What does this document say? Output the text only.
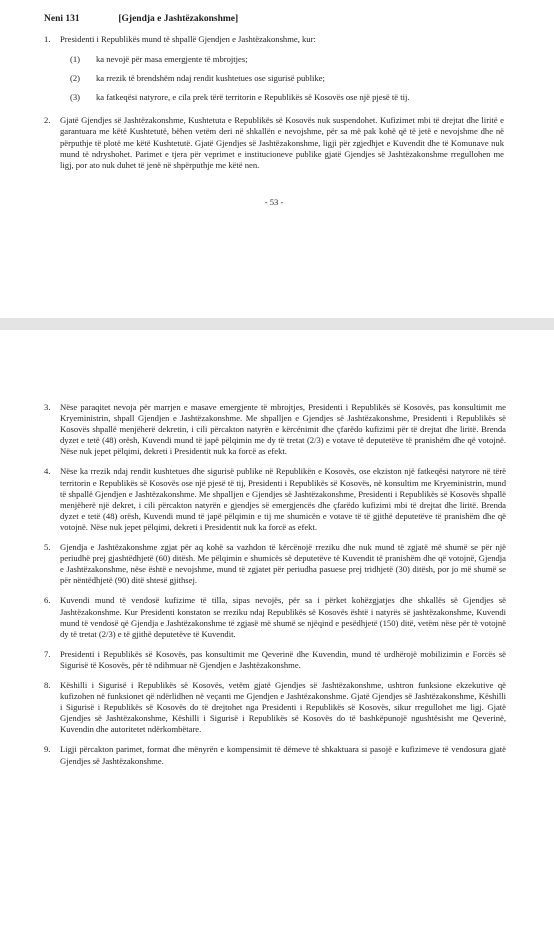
Neni 131	[Gjendja e Jashtëzakonshme]
1.	Presidenti i Republikës mund të shpallë Gjendjen e Jashtëzakonshme, kur:
(1)	ka nevojë për masa emergjente të mbrojtjes;
(2)	ka rrezik të brendshëm ndaj rendit kushtetues ose sigurisë publike;
(3)	ka fatkeqësi natyrore, e cila prek tërë territorin e Republikës së Kosovës ose një pjesë të tij.
2.	Gjatë Gjendjes së Jashtëzakonshme, Kushtetuta e Republikës së Kosovës nuk suspendohet. Kufizimet mbi të drejtat dhe liritë e garantuara me këtë Kushtetutë, bëhen vetëm deri në shkallën e nevojshme, për sa më pak kohë që të jetë e nevojshme dhe në përputhje të plotë me këtë Kushtetutë. Gjatë Gjendjes së Jashtëzakonshme, ligji për zgjedhjet e Kuvendit dhe të Komunave nuk mund të ndryshohet. Parimet e tjera për veprimet e institucioneve publike gjatë Gjendjes së Jashtëzakonshme rregullohen me ligj, por ato nuk duhet të jenë në shpërputhje me këtë nen.
- 53 -
3.	Nëse paraqitet nevoja për marrjen e masave emergjente të mbrojtjes, Presidenti i Republikës së Kosovës, pas konsultimit me Kryeministrin, shpall Gjendjen e Jashtëzakonshme. Me shpalljen e Gjendjes së Jashtëzakonshme, Presidenti i Republikës së Kosovës shpallë menjëherë dekretin, i cili përcakton natyrën e kërcënimit dhe çfarëdo kufizimi për të drejtat dhe liritë. Brenda dyzet e tetë (48) orësh, Kuvendi mund të japë pëlqimin me dy të tretat (2/3) e votave të deputetëve të pranishëm dhe që votojnë. Nëse nuk jepet pëlqimi, dekreti i Presidentit nuk ka forcë as efekt.
4.	Nëse ka rrezik ndaj rendit kushtetues dhe sigurisë publike në Republikën e Kosovës, ose ekziston një fatkeqësi natyrore në tërë territorin e Republikës së Kosovës ose një pjesë të tij, Presidenti i Republikës së Kosovës, në konsultim me Kryeministrin, mund të shpallë Gjendjen e Jashtëzakonshme. Me shpalljen e Gjendjes së Jashtëzakonshme, Presidenti i Republikës së Kosovës shpallë menjëherë një dekret, i cili përcakton natyrën e gjendjes së emergjencës dhe çfarëdo kufizimi mbi të drejtat dhe liritë. Brenda dyzet e tetë (48) orësh, Kuvendi mund të japë pëlqimin e tij me shumicën e votave të të gjithë deputetëve të pranishëm dhe që votojnë. Nëse nuk jepet pëlqimi, dekreti i Presidentit nuk ka forcë as efekt.
5.	Gjendja e Jashtëzakonshme zgjat për aq kohë sa vazhdon të kërcënojë rreziku dhe nuk mund të zgjatë më shumë se për një periudhë prej gjashtëdhjetë (60) ditësh. Me pëlqimin e shumicës së deputetëve të Kuvendit të pranishëm dhe që votojnë, Gjendja e Jashtëzakonshme, nëse është e nevojshme, mund të zgjatet për periudha pasuese prej tridhjetë (30) ditësh, por jo më shumë se për nëntëdhjetë (90) ditë shtesë gjithsej.
6.	Kuvendi mund të vendosë kufizime të tilla, sipas nevojës, për sa i përket kohëzgjatjes dhe shkallës së Gjendjes së Jashtëzakonshme. Kur Presidenti konstaton se rreziku ndaj Republikës së Kosovës është i natyrës së jashtëzakonshme, Kuvendi mund të vendosë që Gjendja e Jashtëzakonshme të zgjasë më shumë se njëqind e pesëdhjetë (150) ditë, vetëm nëse për të votojnë dy të tretat (2/3) e të gjithë deputetëve të Kuvendit.
7.	Presidenti i Republikës së Kosovës, pas konsultimit me Qeverinë dhe Kuvendin, mund të urdhërojë mobilizimin e Forcës së Sigurisë të Kosovës, për të ndihmuar në Gjendjen e Jashtëzakonshme.
8.	Këshilli i Sigurisë i Republikës së Kosovës, vetëm gjatë Gjendjes së Jashtëzakonshme, ushtron funksione ekzekutive që kufizohen në funksionet që ndërlidhen në veçanti me Gjendjen e Jashtëzakonshme. Gjatë Gjendjes së Jashtëzakonshme, Këshilli i Sigurisë i Republikës së Kosovës do të drejtohet nga Presidenti i Republikës së Kosovës, sikur rregullohet me ligj. Gjatë Gjendjes së Jashtëzakonshme, Këshilli i Sigurisë i Republikës së Kosovës do të bashkëpunojë ngushtësisht me Qeverinë, Kuvendin dhe autoritetet ndërkombëtare.
9.	Ligji përcakton parimet, format dhe mënyrën e kompensimit të dëmeve të shkaktuara si pasojë e kufizimeve të vendosura gjatë Gjendjes së Jashtëzakonshme.
